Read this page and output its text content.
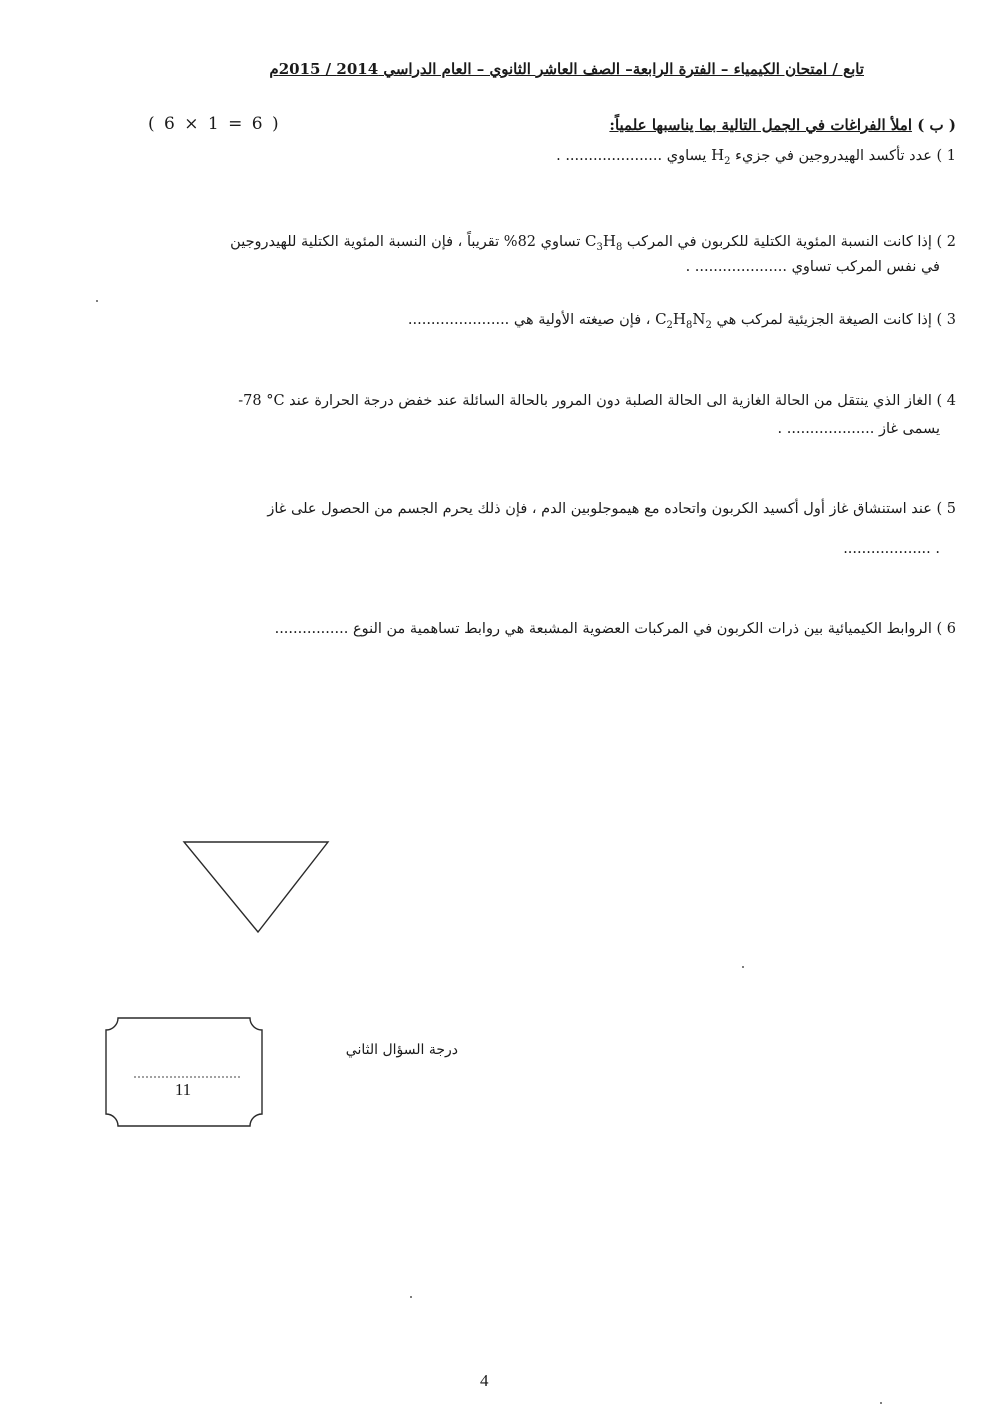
تابع / امتحان الكيمياء – الفترة الرابعة– الصف العاشر الثانوي – العام الدراسي 2014 / 2015م
( 6 × 1 = 6 )	( ب ) املأ الفراغات في الجمل التالية بما يناسبها علمياً:
1 ) عدد تأكسد الهيدروجين في جزيء $H_2$ يساوي ..................... .
2 ) إذا كانت النسبة المئوية الكتلية للكربون في المركب $C_3H_8$ تساوي 82% تقريباً ، فإن النسبة المئوية الكتلية للهيدروجين
في نفس المركب تساوي .................... .
3 ) إذا كانت الصيغة الجزيئية لمركب هي $C_2H_8N_2$ ، فإن صيغته الأولية هي ......................
4 ) الغاز الذي ينتقل من الحالة الغازية الى الحالة الصلبة دون المرور بالحالة السائلة عند خفض درجة الحرارة عند ‎-78 °C
يسمى غاز ................... .
5 ) عند استنشاق غاز أول أكسيد الكربون واتحاده مع هيموجلوبين الدم ، فإن ذلك يحرم الجسم من الحصول على غاز
................... .
6 ) الروابط الكيميائية بين ذرات الكربون في المركبات العضوية المشبعة هي روابط تساهمية من النوع ................
11
درجة السؤال الثاني
4
